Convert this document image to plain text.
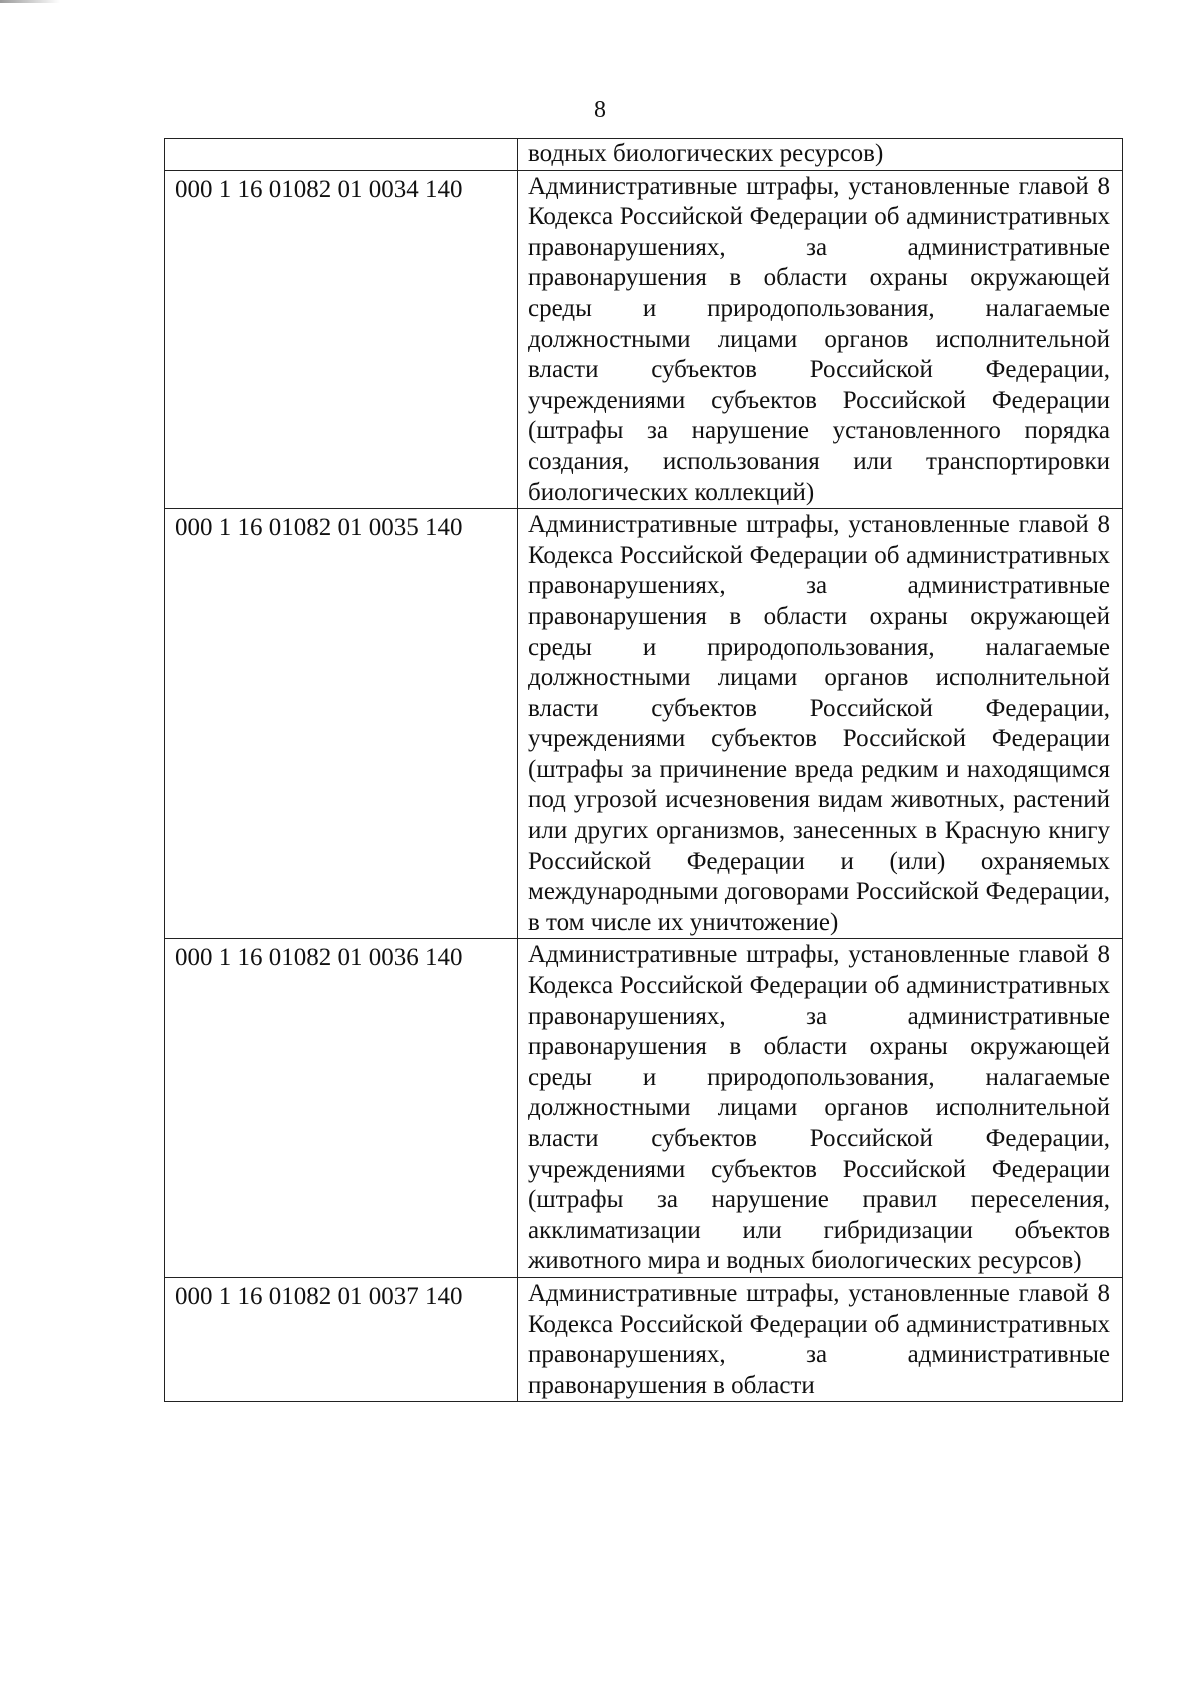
8

	водных биологических ресурсов)

000 1 16 01082 01 0034 140	Административные штрафы, установленные главой 8 Кодекса Российской Федерации об административных правонарушениях, за административные правонарушения в области охраны окружающей среды и природопользования, налагаемые должностными лицами органов исполнительной власти субъектов Российской Федерации, учреждениями субъектов Российской Федерации (штрафы за нарушение установленного порядка создания, использования или транспортировки биологических коллекций)

000 1 16 01082 01 0035 140	Административные штрафы, установленные главой 8 Кодекса Российской Федерации об административных правонарушениях, за административные правонарушения в области охраны окружающей среды и природопользования, налагаемые должностными лицами органов исполнительной власти субъектов Российской Федерации, учреждениями субъектов Российской Федерации (штрафы за причинение вреда редким и находящимся под угрозой исчезновения видам животных, растений или других организмов, занесенных в Красную книгу Российской Федерации и (или) охраняемых международными договорами Российской Федерации, в том числе их уничтожение)

000 1 16 01082 01 0036 140	Административные штрафы, установленные главой 8 Кодекса Российской Федерации об административных правонарушениях, за административные правонарушения в области охраны окружающей среды и природопользования, налагаемые должностными лицами органов исполнительной власти субъектов Российской Федерации, учреждениями субъектов Российской Федерации (штрафы за нарушение правил переселения, акклиматизации или гибридизации объектов животного мира и водных биологических ресурсов)

000 1 16 01082 01 0037 140	Административные штрафы, установленные главой 8 Кодекса Российской Федерации об административных правонарушениях, за административные правонарушения в области
